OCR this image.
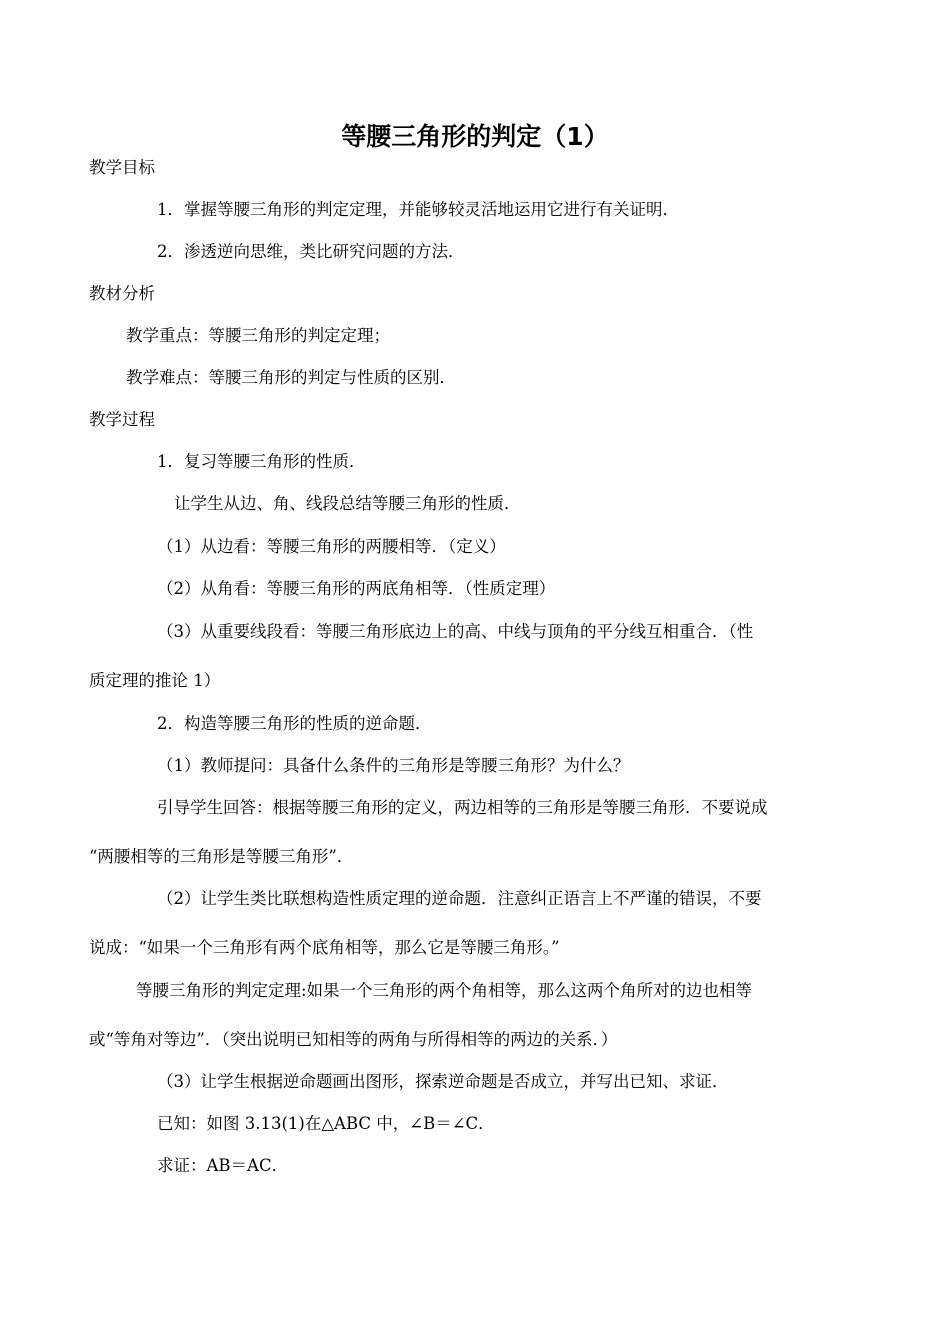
等腰三角形的判定（1）

教学目标

1．掌握等腰三角形的判定定理，并能够较灵活地运用它进行有关证明．

2．渗透逆向思维，类比研究问题的方法．

教材分析

教学重点：等腰三角形的判定定理；

教学难点：等腰三角形的判定与性质的区别．

教学过程

1．复习等腰三角形的性质．

让学生从边、角、线段总结等腰三角形的性质．

（1）从边看：等腰三角形的两腰相等．（定义）

（2）从角看：等腰三角形的两底角相等．（性质定理）

（3）从重要线段看：等腰三角形底边上的高、中线与顶角的平分线互相重合．（性

质定理的推论 1）

2．构造等腰三角形的性质的逆命题．

（1）教师提问：具备什么条件的三角形是等腰三角形？为什么？

引导学生回答：根据等腰三角形的定义，两边相等的三角形是等腰三角形．不要说成

“两腰相等的三角形是等腰三角形”．

（2）让学生类比联想构造性质定理的逆命题．注意纠正语言上不严谨的错误，不要

说成：“如果一个三角形有两个底角相等，那么它是等腰三角形。”

等腰三角形的判定定理:如果一个三角形的两个角相等，那么这两个角所对的边也相等

或“等角对等边”．（突出说明已知相等的两角与所得相等的两边的关系．）

（3）让学生根据逆命题画出图形，探索逆命题是否成立，并写出已知、求证．

已知：如图 3.13(1)在△ABC 中，∠B＝∠C．

求证：AB＝AC．
